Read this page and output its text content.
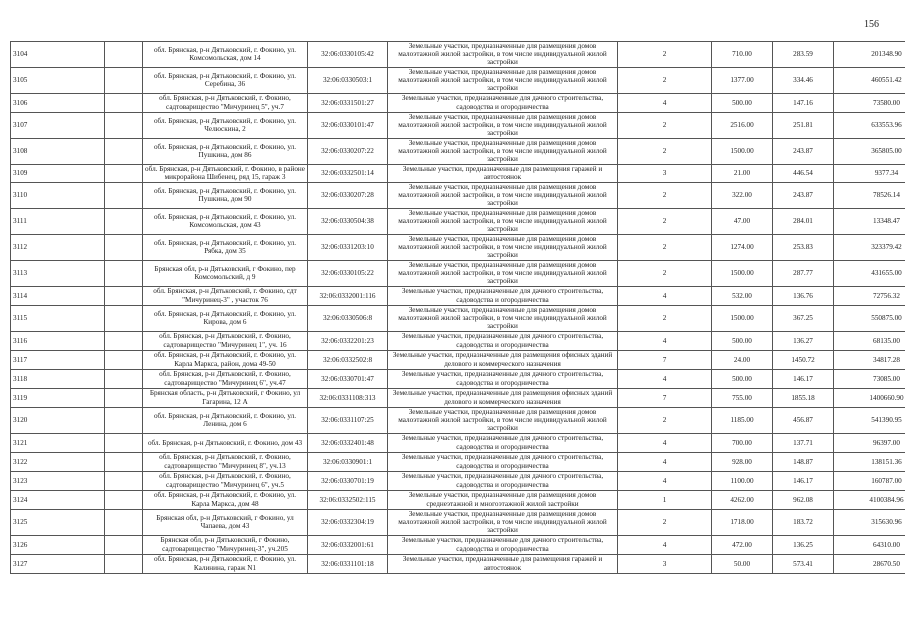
156
3104		обл. Брянская, р-н Дятьковский, г. Фокино, ул. Комсомольская, дом 14	32:06:0330105:42	Земельные участки, предназначенные для размещения домов малоэтажной жилой застройки, в том числе индивидуальной жилой застройки	2	710.00	283.59	201348.90
3105		обл. Брянская, р-н Дятьковский, г. Фокино, ул. Серебина, 36	32:06:0330503:1	Земельные участки, предназначенные для размещения домов малоэтажной жилой застройки, в том числе индивидуальной жилой застройки	2	1377.00	334.46	460551.42
3106		обл. Брянская, р-н Дятьковский, г. Фокино, садтоварищество "Мичуринец 5", уч.7	32:06:0331501:27	Земельные участки, предназначенные для дачного строительства, садоводства и огородничества	4	500.00	147.16	73580.00
3107		обл. Брянская, р-н Дятьковский, г. Фокино, ул. Челюскина, 2	32:06:0330101:47	Земельные участки, предназначенные для размещения домов малоэтажной жилой застройки, в том числе индивидуальной жилой застройки	2	2516.00	251.81	633553.96
3108		обл. Брянская, р-н Дятьковский, г. Фокино, ул. Пушкина, дом 86	32:06:0330207:22	Земельные участки, предназначенные для размещения домов малоэтажной жилой застройки, в том числе индивидуальной жилой застройки	2	1500.00	243.87	365805.00
3109		обл. Брянская, р-н Дятьковский, г. Фокино, в районе микрорайона Шибенец, ряд 15, гараж 3	32:06:0332501:14	Земельные участки, предназначенные для размещения гаражей и автостоянок	3	21.00	446.54	9377.34
3110		обл. Брянская, р-н Дятьковский, г. Фокино, ул. Пушкина, дом 90	32:06:0330207:28	Земельные участки, предназначенные для размещения домов малоэтажной жилой застройки, в том числе индивидуальной жилой застройки	2	322.00	243.87	78526.14
3111		обл. Брянская, р-н Дятьковский, г. Фокино, ул. Комсомольская, дом 43	32:06:0330504:38	Земельные участки, предназначенные для размещения домов малоэтажной жилой застройки, в том числе индивидуальной жилой застройки	2	47.00	284.01	13348.47
3112		обл. Брянская, р-н Дятьковский, г. Фокино, ул. Рябка, дом 35	32:06:0331203:10	Земельные участки, предназначенные для размещения домов малоэтажной жилой застройки, в том числе индивидуальной жилой застройки	2	1274.00	253.83	323379.42
3113		Брянская обл, р-н Дятьковский, г Фокино, пер Комсомольский, д 9	32:06:0330105:22	Земельные участки, предназначенные для размещения домов малоэтажной жилой застройки, в том числе индивидуальной жилой застройки	2	1500.00	287.77	431655.00
3114		обл. Брянская, р-н Дятьковский, г. Фокино, сдт "Мичуринец-3" , участок 76	32:06:0332001:116	Земельные участки, предназначенные для дачного строительства, садоводства и огородничества	4	532.00	136.76	72756.32
3115		обл. Брянская, р-н Дятьковский, г. Фокино, ул. Кирова, дом 6	32:06:0330506:8	Земельные участки, предназначенные для размещения домов малоэтажной жилой застройки, в том числе индивидуальной жилой застройки	2	1500.00	367.25	550875.00
3116		обл. Брянская, р-н Дятьковский, г. Фокино, садтоварищество "Мичуринец 1", уч. 16	32:06:0332201:23	Земельные участки, предназначенные для дачного строительства, садоводства и огородничества	4	500.00	136.27	68135.00
3117		обл. Брянская, р-н Дятьковский, г. Фокино, ул. Карла Маркса, район, дома 49-50	32:06:0332502:8	Земельные участки, предназначенные для размещения офисных зданий делового и коммерческого назначения	7	24.00	1450.72	34817.28
3118		обл. Брянская, р-н Дятьковский, г. Фокино, садтоварищество "Мичуринец 6", уч.47	32:06:0330701:47	Земельные участки, предназначенные для дачного строительства, садоводства и огородничества	4	500.00	146.17	73085.00
3119		Брянская область, р-н Дятьковский, г Фокино, ул Гагарина, 12 А	32:06:0331108:313	Земельные участки, предназначенные для размещения офисных зданий делового и коммерческого назначения	7	755.00	1855.18	1400660.90
3120		обл. Брянская, р-н Дятьковский, г. Фокино, ул. Ленина, дом 6	32:06:0331107:25	Земельные участки, предназначенные для размещения домов малоэтажной жилой застройки, в том числе индивидуальной жилой застройки	2	1185.00	456.87	541390.95
3121		обл. Брянская, р-н Дятьковский, г. Фокино, дом 43	32:06:0332401:48	Земельные участки, предназначенные для дачного строительства, садоводства и огородничества	4	700.00	137.71	96397.00
3122		обл. Брянская, р-н Дятьковский, г. Фокино, садтоварищество "Мичуринец 8", уч.13	32:06:0330901:1	Земельные участки, предназначенные для дачного строительства, садоводства и огородничества	4	928.00	148.87	138151.36
3123		обл. Брянская, р-н Дятьковский, г. Фокино, садтоварищество "Мичуринец 6", уч.5	32:06:0330701:19	Земельные участки, предназначенные для дачного строительства, садоводства и огородничества	4	1100.00	146.17	160787.00
3124		обл. Брянская, р-н Дятьковский, г. Фокино, ул. Карла Маркса, дом 48	32:06:0332502:115	Земельные участки, предназначенные для размещения домов среднеэтажной и многоэтажной жилой застройки	1	4262.00	962.08	4100384.96
3125		Брянская обл, р-н Дятьковский, г Фокино, ул Чапаева, дом 43	32:06:0332304:19	Земельные участки, предназначенные для размещения домов малоэтажной жилой застройки, в том числе индивидуальной жилой застройки	2	1718.00	183.72	315630.96
3126		Брянская обл, р-н Дятьковский, г Фокино, садтоварищество "Мичуринец-3", уч.205	32:06:0332001:61	Земельные участки, предназначенные для дачного строительства, садоводства и огородничества	4	472.00	136.25	64310.00
3127		обл. Брянская, р-н Дятьковский, г. Фокино, ул. Калинина, гараж N1	32:06:0331101:18	Земельные участки, предназначенные для размещения гаражей и автостоянок	3	50.00	573.41	28670.50
